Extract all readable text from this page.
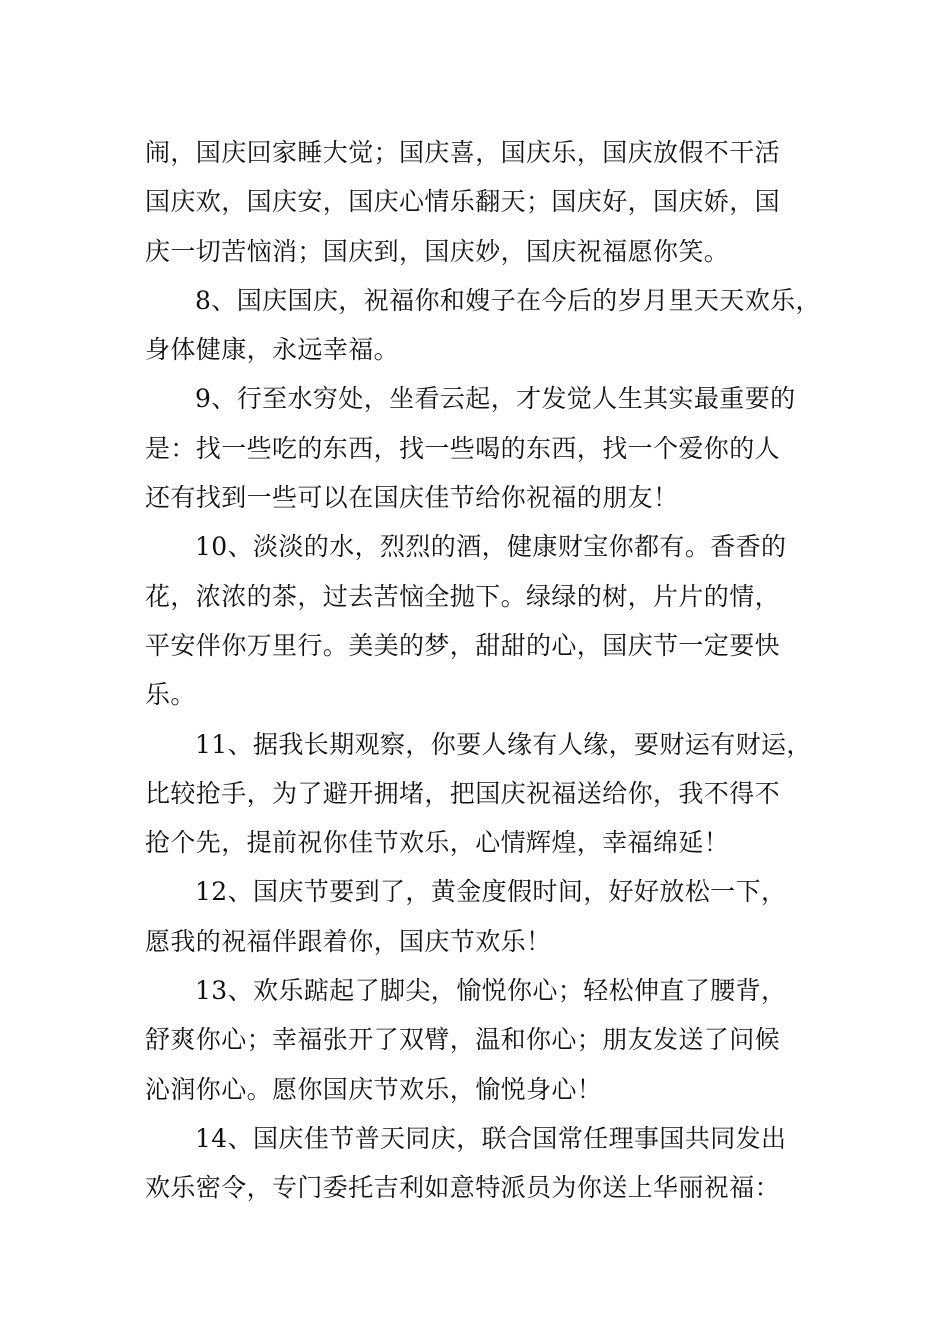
闹，国庆回家睡大觉；国庆喜，国庆乐，国庆放假不干活
国庆欢，国庆安，国庆心情乐翻天；国庆好，国庆娇，国
庆一切苦恼消；国庆到，国庆妙，国庆祝福愿你笑。
8、国庆国庆，祝福你和嫂子在今后的岁月里天天欢乐，
身体健康，永远幸福。
9、行至水穷处，坐看云起，才发觉人生其实最重要的
是：找一些吃的东西，找一些喝的东西，找一个爱你的人
还有找到一些可以在国庆佳节给你祝福的朋友！
10、淡淡的水，烈烈的酒，健康财宝你都有。香香的
花，浓浓的茶，过去苦恼全抛下。绿绿的树，片片的情，
平安伴你万里行。美美的梦，甜甜的心，国庆节一定要快
乐。
11、据我长期观察，你要人缘有人缘，要财运有财运，
比较抢手，为了避开拥堵，把国庆祝福送给你，我不得不
抢个先，提前祝你佳节欢乐，心情辉煌，幸福绵延！
12、国庆节要到了，黄金度假时间，好好放松一下，
愿我的祝福伴跟着你，国庆节欢乐！
13、欢乐踮起了脚尖，愉悦你心；轻松伸直了腰背，
舒爽你心；幸福张开了双臂，温和你心；朋友发送了问候
沁润你心。愿你国庆节欢乐，愉悦身心！
14、国庆佳节普天同庆，联合国常任理事国共同发出
欢乐密令，专门委托吉利如意特派员为你送上华丽祝福：
